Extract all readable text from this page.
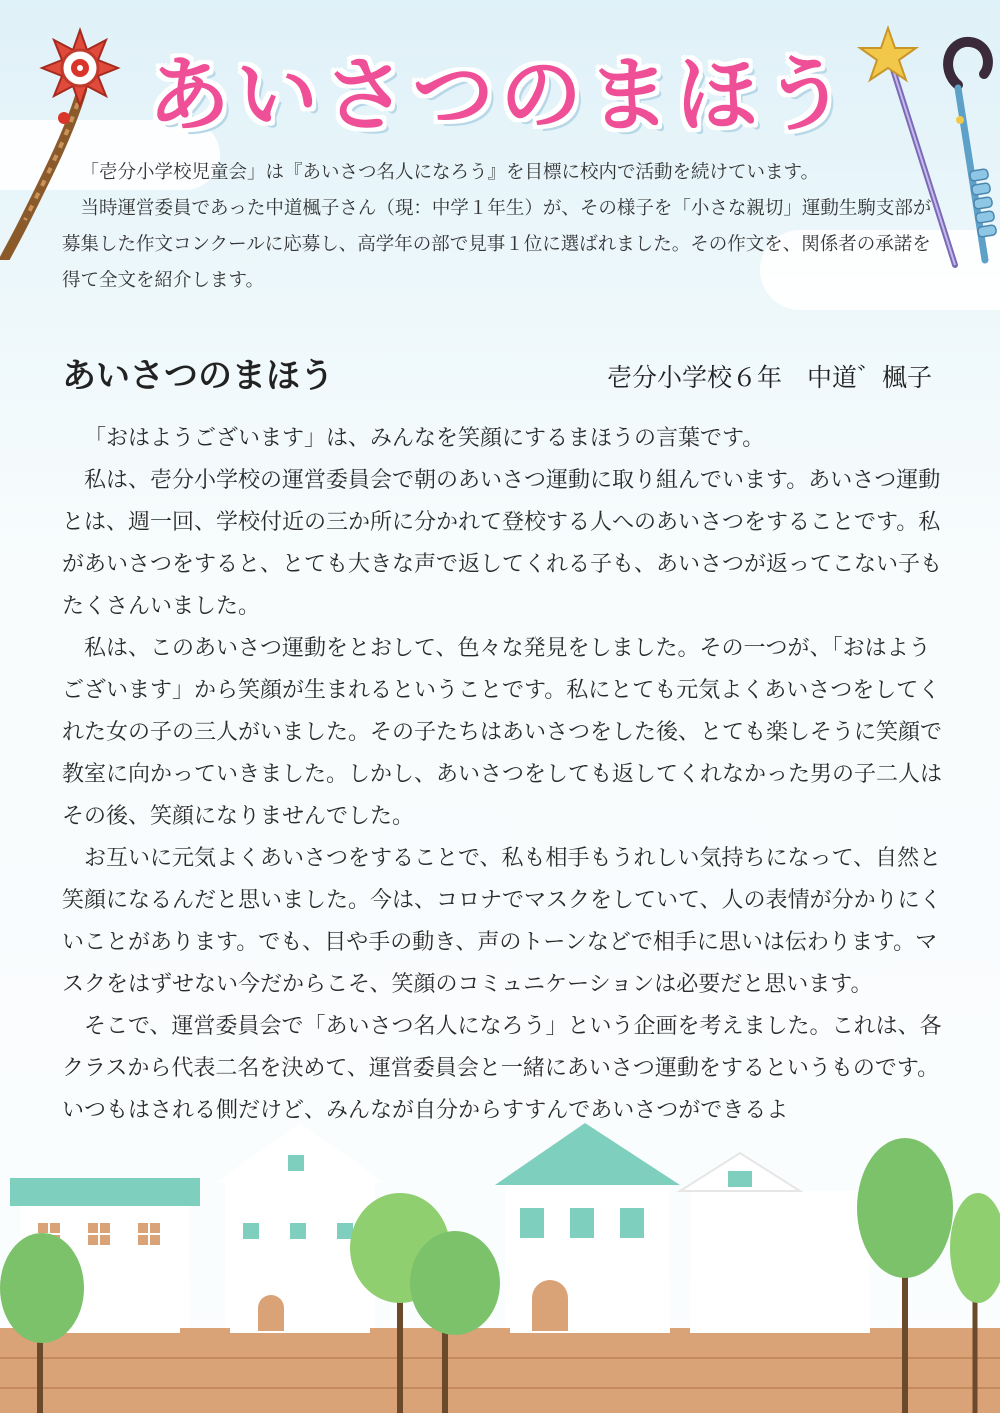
あいさつのまほう

「壱分小学校児童会」は『あいさつ名人になろう』を目標に校内で活動を続けています。

当時運営委員であった中道楓子さん（現：中学１年生）が、その様子を「小さな親切」運動生駒支部が募集した作文コンクールに応募し、高学年の部で見事１位に選ばれました。その作文を、関係者の承諾を得て全文を紹介します。

あいさつのまほう	壱分小学校６年　中道゛楓子

「おはようございます」は、みんなを笑顔にするまほうの言葉です。

私は、壱分小学校の運営委員会で朝のあいさつ運動に取り組んでいます。あいさつ運動とは、週一回、学校付近の三か所に分かれて登校する人へのあいさつをすることです。私があいさつをすると、とても大きな声で返してくれる子も、あいさつが返ってこない子もたくさんいました。

私は、このあいさつ運動をとおして、色々な発見をしました。その一つが、「おはようございます」から笑顔が生まれるということです。私にとても元気よくあいさつをしてくれた女の子の三人がいました。その子たちはあいさつをした後、とても楽しそうに笑顔で教室に向かっていきました。しかし、あいさつをしても返してくれなかった男の子二人はその後、笑顔になりませんでした。

お互いに元気よくあいさつをすることで、私も相手もうれしい気持ちになって、自然と笑顔になるんだと思いました。今は、コロナでマスクをしていて、人の表情が分かりにくいことがあります。でも、目や手の動き、声のトーンなどで相手に思いは伝わります。マスクをはずせない今だからこそ、笑顔のコミュニケーションは必要だと思います。

そこで、運営委員会で「あいさつ名人になろう」という企画を考えました。これは、各クラスから代表二名を決めて、運営委員会と一緒にあいさつ運動をするというものです。いつもはされる側だけど、みんなが自分からすすんであいさつができるよ
